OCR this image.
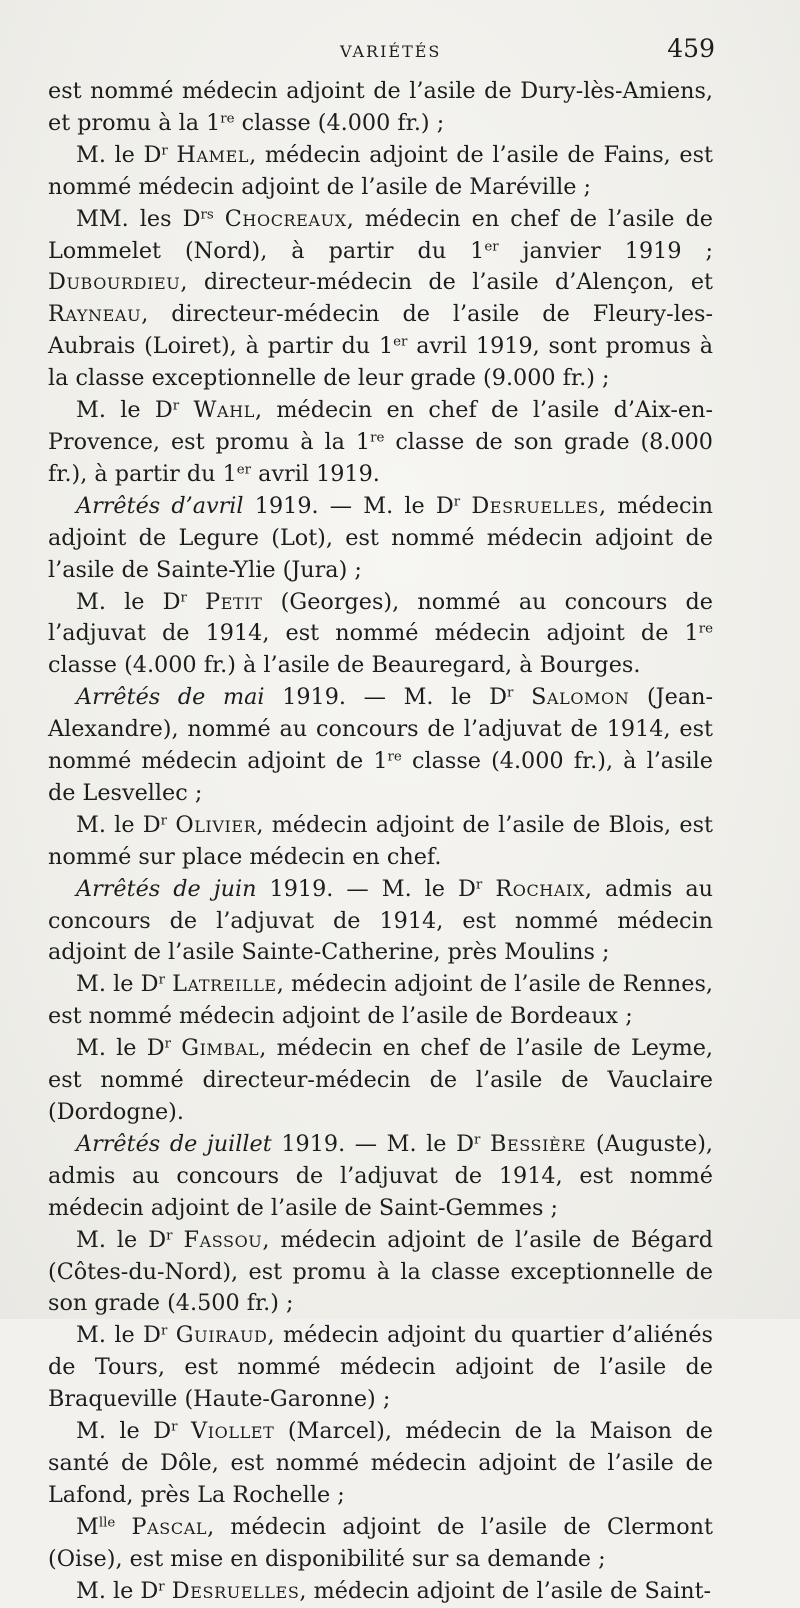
VARIÉTÉS	459

est nommé médecin adjoint de l’asile de Dury-lès-Amiens, et promu à la 1re classe (4.000 fr.) ;

M. le $D^r$ Hamel, médecin adjoint de l’asile de Fains, est nommé médecin adjoint de l’asile de Maréville ;

MM. les $D^{rs}$ Chocreaux, médecin en chef de l’asile de Lommelet (Nord), à partir du 1er janvier 1919 ; Dubourdieu, directeur-médecin de l’asile d’Alençon, et Rayneau, directeur-médecin de l’asile de Fleury-les-Aubrais (Loiret), à partir du 1er avril 1919, sont promus à la classe exceptionnelle de leur grade (9.000 fr.) ;

M. le $D^r$ Wahl, médecin en chef de l’asile d’Aix-en-Provence, est promu à la 1re classe de son grade (8.000 fr.), à partir du 1er avril 1919.

Arrêtés d’avril 1919. — M. le $D^r$ Desruelles, médecin adjoint de Legure (Lot), est nommé médecin adjoint de l’asile de Sainte-Ylie (Jura) ;

M. le $D^r$ Petit (Georges), nommé au concours de l’adjuvat de 1914, est nommé médecin adjoint de 1re classe (4.000 fr.) à l’asile de Beauregard, à Bourges.

Arrêtés de mai 1919. — M. le $D^r$ Salomon (Jean-Alexandre), nommé au concours de l’adjuvat de 1914, est nommé médecin adjoint de 1re classe (4.000 fr.), à l’asile de Lesvellec ;

M. le $D^r$ Olivier, médecin adjoint de l’asile de Blois, est nommé sur place médecin en chef.

Arrêtés de juin 1919. — M. le $D^r$ Rochaix, admis au concours de l’adjuvat de 1914, est nommé médecin adjoint de l’asile Sainte-Catherine, près Moulins ;

M. le $D^r$ Latreille, médecin adjoint de l’asile de Rennes, est nommé médecin adjoint de l’asile de Bordeaux ;

M. le $D^r$ Gimbal, médecin en chef de l’asile de Leyme, est nommé directeur-médecin de l’asile de Vauclaire (Dordogne).

Arrêtés de juillet 1919. — M. le $D^r$ Bessière (Auguste), admis au concours de l’adjuvat de 1914, est nommé médecin adjoint de l’asile de Saint-Gemmes ;

M. le $D^r$ Fassou, médecin adjoint de l’asile de Bégard (Côtes-du-Nord), est promu à la classe exceptionnelle de son grade (4.500 fr.) ;

M. le $D^r$ Guiraud, médecin adjoint du quartier d’aliénés de Tours, est nommé médecin adjoint de l’asile de Braqueville (Haute-Garonne) ;

M. le $D^r$ Viollet (Marcel), médecin de la Maison de santé de Dôle, est nommé médecin adjoint de l’asile de Lafond, près La Rochelle ;

$M^{lle}$ Pascal, médecin adjoint de l’asile de Clermont (Oise), est mise en disponibilité sur sa demande ;

M. le $D^r$ Desruelles, médecin adjoint de l’asile de Saint-
